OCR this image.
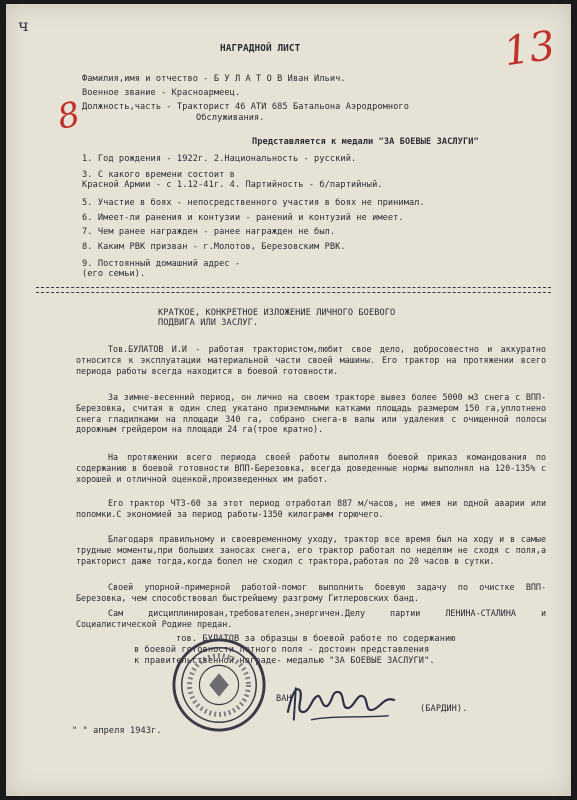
ч	13
8
НАГРАДНОЙ ЛИСТ
Фамилия,имя и отчество - Б У Л А Т О В Иван Ильич.
Военное звание - Красноармеец.
Должность,часть - Тракторист 46 АТИ 685 Батальона Аэродромного
Обслуживания.
Представляется к медали "ЗА БОЕВЫЕ ЗАСЛУГИ"
1. Год рождения - 1922г. 2.Национальность - русский.
3. С какого времени состоит в
Красной Армии - с 1.12-41г. 4. Партийность - б/партийный.
5. Участие в боях - непосредственного участия в боях не принимал.
6. Имеет-ли ранения и контузии - ранений и контузий не имеет.
7. Чем ранее награжден - ранее награжден не был.
8. Каким РВК призван - г.Молотов, Березовским РВК.
9. Постоянный домашний адрес -
(его семьи).
КРАТКОЕ, КОНКРЕТНОЕ ИЗЛОЖЕНИЕ ЛИЧНОГО БОЕВОГО
ПОДВИГА ИЛИ ЗАСЛУГ.
Тов.БУЛАТОВ И.И - работая трактористом,любит свое дело, добросовестно и аккуратно относится к эксплуатации материальной части своей машины. Его трактор на протяжении всего периода работы всегда находится в боевой готовности.
За зимне-весенний период, он лично на своем тракторе вывез более 5000 м3 снега с ВПП-Березовка, считая в один след укатано приземлными катками площадь размером 150 га,уплотнено снега гладилками на площади 340 га, собрано снега-в валы или удаления с очищенной полосы дорожным грейдером на площади 24 га(трое кратно).
На протяжении всего периода своей работы выполняя боевой приказ командования по содержанию в боевой готовности ВПП-Березовка, всегда доведенные нормы выполнял на 120-135% с хорошей и отличной оценкой,произведенных им работ.
Его трактор ЧТЗ-60 за этот период отработал 887 м/часов, не имея ни одной аварии или поломки.С экономией за период работы-1350 килограмм горючего.
Благодаря правильному и своевременному уходу, трактор все время был на ходу и в самые трудные моменты,при больших заносах снега, его трактор работал по неделям не сходя с поля,а тракторист даже тогда,когда болел не сходил с трактора,работая по 20 часов в сутки.
Своей упорной-примерной работой-помог выполнить боевую задачу по очистке ВПП-Березовка, чем способствовал быстрейшему разгрому Гитлеровских банд.
Сам дисциплинирован,требователен,энергичен.Делу партии ЛЕНИНА-СТАЛИНА и Социалистической Родине предан.
тов. БУЛАТОВ за образцы в боевой работе по содержанию
в боевой готовности летного поля - достоин представления
к правительственной награде- медалью "ЗА БОЕВЫЕ ЗАСЛУГИ".
ВАН
(БАРДИН).
" " апреля 1943г.
